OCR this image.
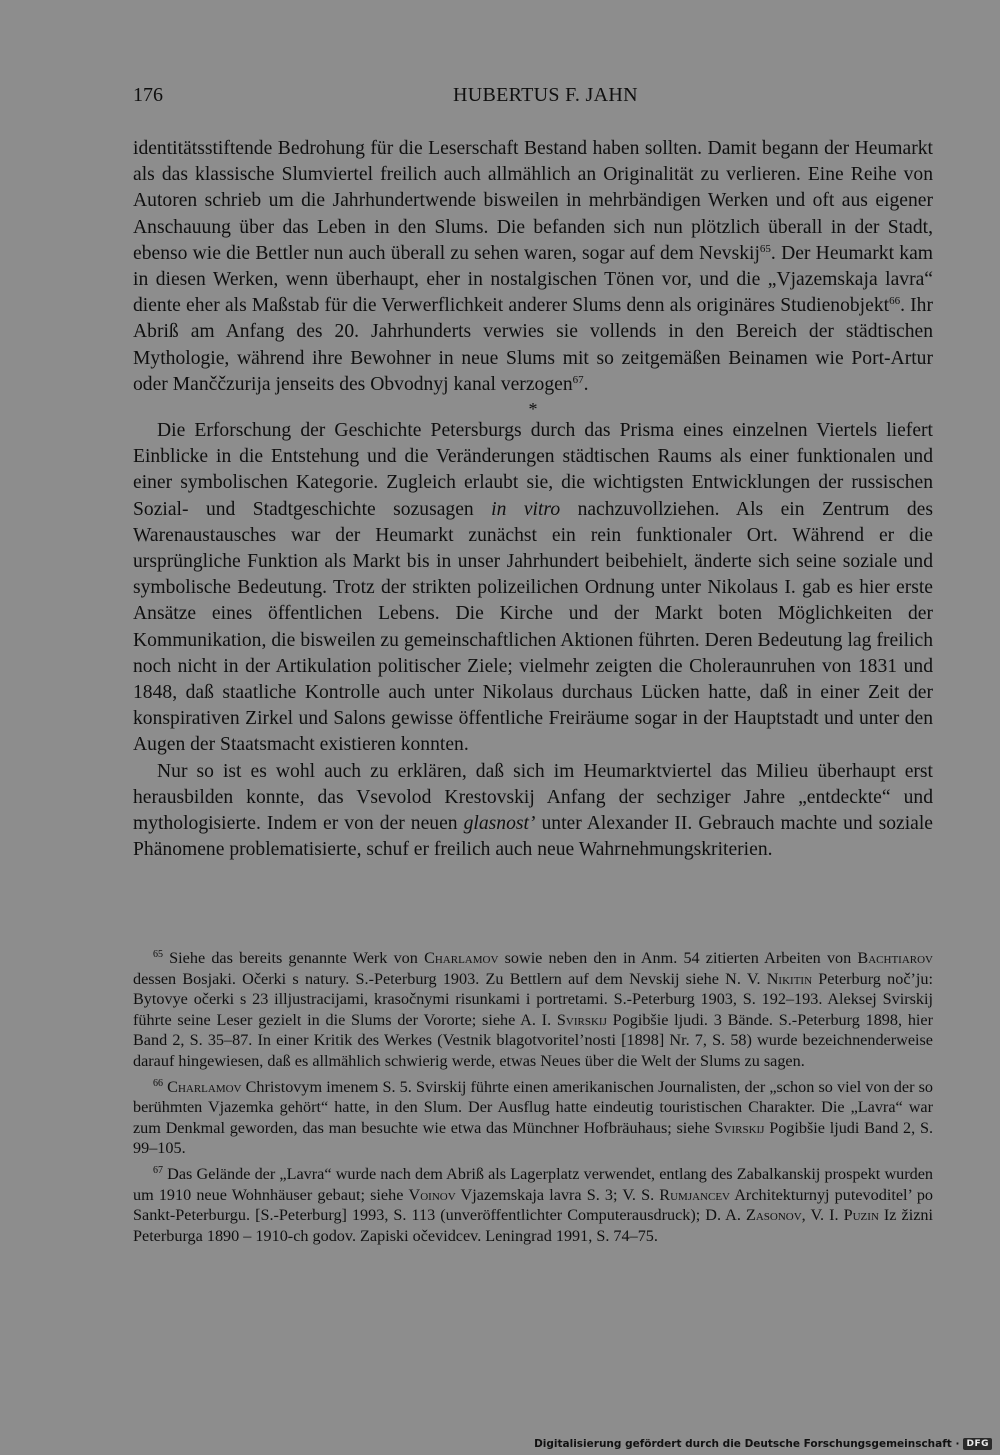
176	HUBERTUS F. JAHN

identitätsstiftende Bedrohung für die Leserschaft Bestand haben sollten. Damit begann der Heumarkt als das klassische Slumviertel freilich auch allmählich an Originalität zu verlieren. Eine Reihe von Autoren schrieb um die Jahrhundertwende bisweilen in mehrbändigen Werken und oft aus eigener Anschauung über das Leben in den Slums. Die befanden sich nun plötzlich überall in der Stadt, ebenso wie die Bettler nun auch überall zu sehen waren, sogar auf dem Nevskij$^{65}$. Der Heumarkt kam in diesen Werken, wenn überhaupt, eher in nostalgischen Tönen vor, und die „Vjazemskaja lavra“ diente eher als Maßstab für die Verwerflichkeit anderer Slums denn als originäres Studienobjekt$^{66}$. Ihr Abriß am Anfang des 20. Jahrhunderts verwies sie vollends in den Bereich der städtischen Mythologie, während ihre Bewohner in neue Slums mit so zeitgemäßen Beinamen wie Port-Artur oder Manččzurija jenseits des Obvodnyj kanal verzogen$^{67}$.

*

Die Erforschung der Geschichte Petersburgs durch das Prisma eines einzelnen Viertels liefert Einblicke in die Entstehung und die Veränderungen städtischen Raums als einer funktionalen und einer symbolischen Kategorie. Zugleich erlaubt sie, die wichtigsten Entwicklungen der russischen Sozial- und Stadtgeschichte sozusagen in vitro nachzuvollziehen. Als ein Zentrum des Warenaustausches war der Heumarkt zunächst ein rein funktionaler Ort. Während er die ursprüngliche Funktion als Markt bis in unser Jahrhundert beibehielt, änderte sich seine soziale und symbolische Bedeutung. Trotz der strikten polizeilichen Ordnung unter Nikolaus I. gab es hier erste Ansätze eines öffentlichen Lebens. Die Kirche und der Markt boten Möglichkeiten der Kommunikation, die bisweilen zu gemeinschaftlichen Aktionen führten. Deren Bedeutung lag freilich noch nicht in der Artikulation politischer Ziele; vielmehr zeigten die Choleraunruhen von 1831 und 1848, daß staatliche Kontrolle auch unter Nikolaus durchaus Lücken hatte, daß in einer Zeit der konspirativen Zirkel und Salons gewisse öffentliche Freiräume sogar in der Hauptstadt und unter den Augen der Staatsmacht existieren konnten.

Nur so ist es wohl auch zu erklären, daß sich im Heumarktviertel das Milieu überhaupt erst herausbilden konnte, das Vsevolod Krestovskij Anfang der sechziger Jahre „entdeckte“ und mythologisierte. Indem er von der neuen glasnost’ unter Alexander II. Gebrauch machte und soziale Phänomene problematisierte, schuf er freilich auch neue Wahrnehmungskriterien.

$^{65}$ Siehe das bereits genannte Werk von Charlamov sowie neben den in Anm. 54 zitierten Arbeiten von Bachtiarov dessen Bosjaki. Očerki s natury. S.-Peterburg 1903. Zu Bettlern auf dem Nevskij siehe N. V. Nikitin Peterburg noč’ju: Bytovye očerki s 23 illjustracijami, krasočnymi risunkami i portretami. S.-Peterburg 1903, S. 192–193. Aleksej Svirskij führte seine Leser gezielt in die Slums der Vororte; siehe A. I. Svirskij Pogibšie ljudi. 3 Bände. S.-Peterburg 1898, hier Band 2, S. 35–87. In einer Kritik des Werkes (Vestnik blagotvoritel’nosti [1898] Nr. 7, S. 58) wurde bezeichnenderweise darauf hingewiesen, daß es allmählich schwierig werde, etwas Neues über die Welt der Slums zu sagen.

$^{66}$ Charlamov Christovym imenem S. 5. Svirskij führte einen amerikanischen Journalisten, der „schon so viel von der so berühmten Vjazemka gehört“ hatte, in den Slum. Der Ausflug hatte eindeutig touristischen Charakter. Die „Lavra“ war zum Denkmal geworden, das man besuchte wie etwa das Münchner Hofbräuhaus; siehe Svirskij Pogibšie ljudi Band 2, S. 99–105.

$^{67}$ Das Gelände der „Lavra“ wurde nach dem Abriß als Lagerplatz verwendet, entlang des Zabalkanskij prospekt wurden um 1910 neue Wohnhäuser gebaut; siehe Voinov Vjazemskaja lavra S. 3; V. S. Rumjancev Architekturnyj putevoditel’ po Sankt-Peterburgu. [S.-Peterburg] 1993, S. 113 (unveröffentlichter Computerausdruck); D. A. Zasonov, V. I. Puzin Iz žizni Peterburga 1890 – 1910-ch godov. Zapiski očevidcev. Leningrad 1991, S. 74–75.

Digitalisierung gefördert durch die Deutsche Forschungsgemeinschaft · DFG
